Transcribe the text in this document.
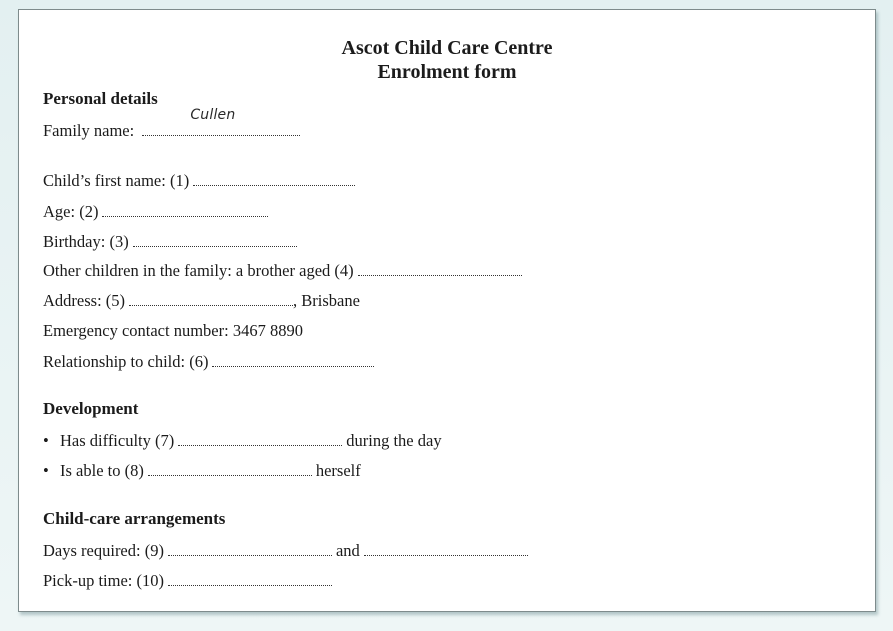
Ascot Child Care Centre
Enrolment form
Personal details
Family name:
Cullen
Child’s first name: (1)
Age: (2)
Birthday: (3)
Other children in the family: a brother aged (4)
Address: (5)	, Brisbane
Emergency contact number: 3467 8890
Relationship to child: (6)
Development
• Has difficulty (7)	during the day
• Is able to (8)	herself
Child-care arrangements
Days required: (9)	and
Pick-up time: (10)
